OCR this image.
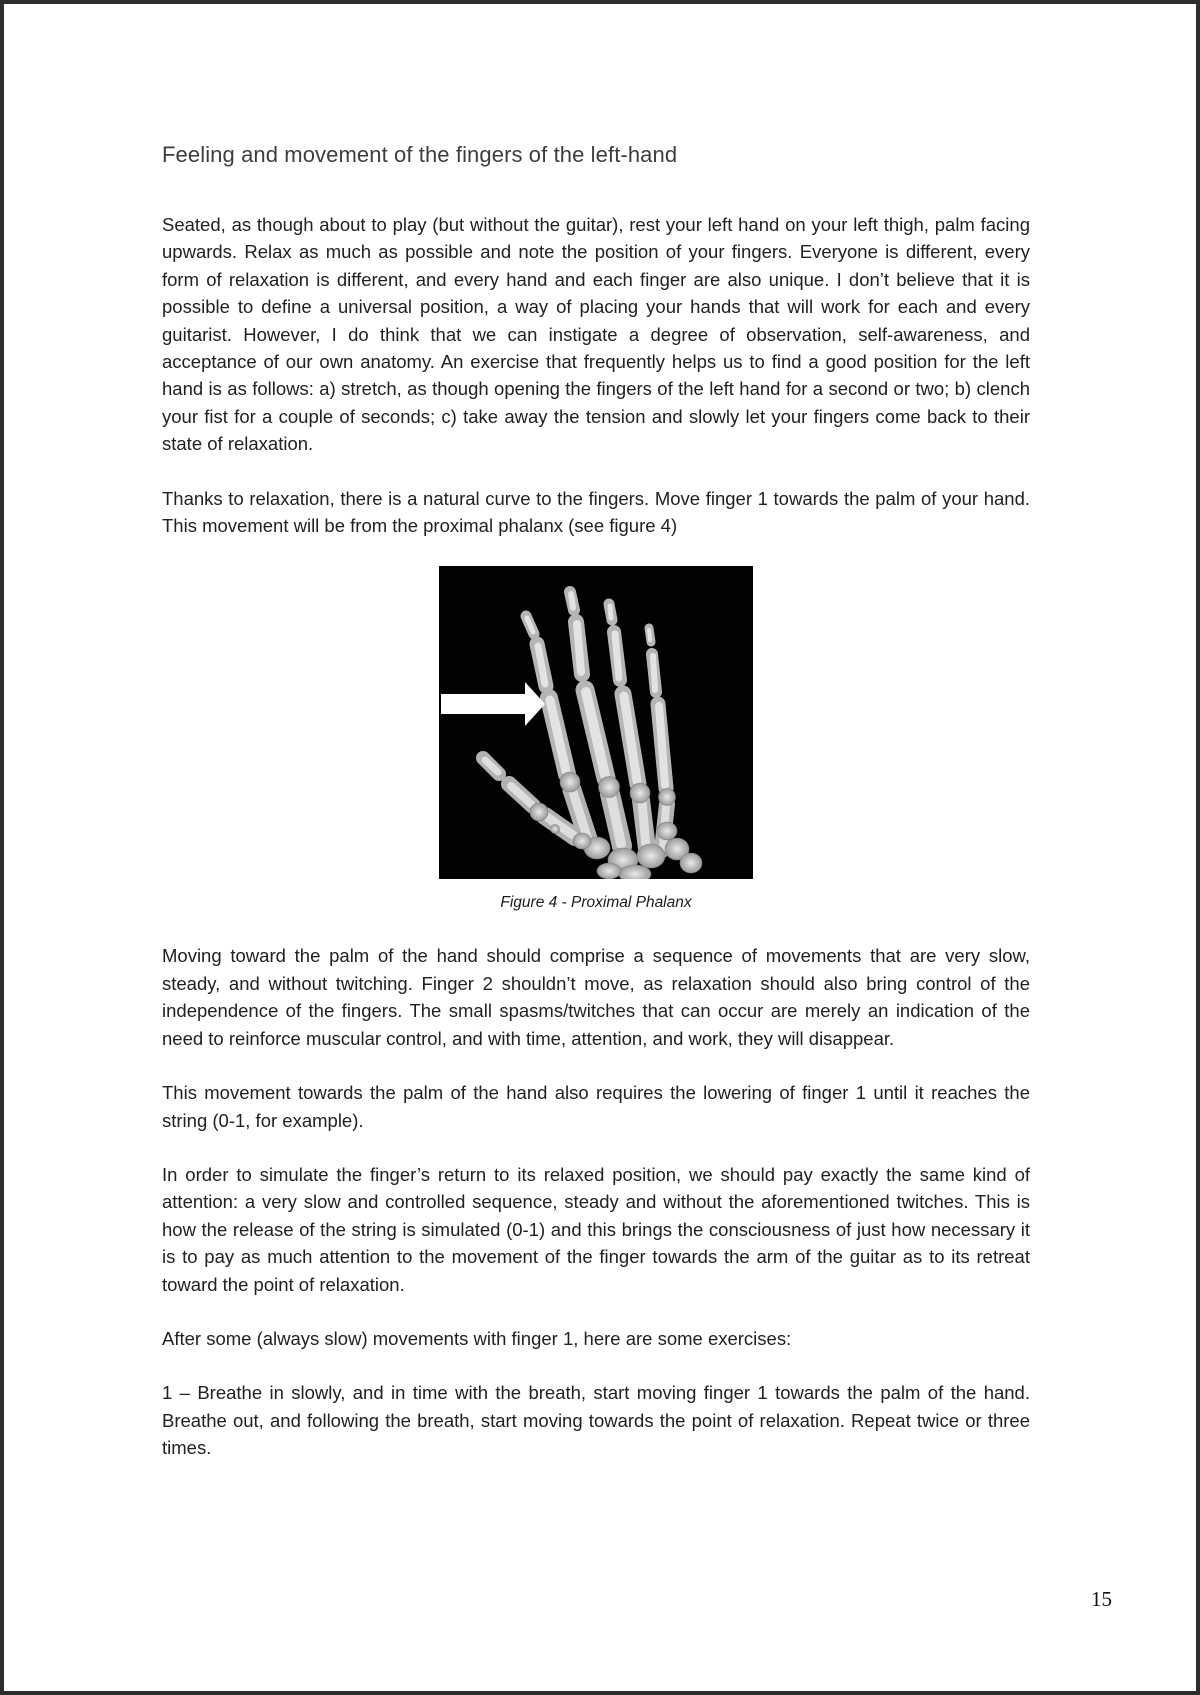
Feeling and movement of the fingers of the left-hand

Seated, as though about to play (but without the guitar), rest your left hand on your left thigh, palm facing upwards. Relax as much as possible and note the position of your fingers. Everyone is different, every form of relaxation is different, and every hand and each finger are also unique. I don’t believe that it is possible to define a universal position, a way of placing your hands that will work for each and every guitarist. However, I do think that we can instigate a degree of observation, self-awareness, and acceptance of our own anatomy. An exercise that frequently helps us to find a good position for the left hand is as follows: a) stretch, as though opening the fingers of the left hand for a second or two; b) clench your fist for a couple of seconds; c) take away the tension and slowly let your fingers come back to their state of relaxation.

Thanks to relaxation, there is a natural curve to the fingers. Move finger 1 towards the palm of your hand. This movement will be from the proximal phalanx (see figure 4)

Figure 4 - Proximal Phalanx

Moving toward the palm of the hand should comprise a sequence of movements that are very slow, steady, and without twitching. Finger 2 shouldn’t move, as relaxation should also bring control of the independence of the fingers. The small spasms/twitches that can occur are merely an indication of the need to reinforce muscular control, and with time, attention, and work, they will disappear.

This movement towards the palm of the hand also requires the lowering of finger 1 until it reaches the string (0-1, for example).

In order to simulate the finger’s return to its relaxed position, we should pay exactly the same kind of attention: a very slow and controlled sequence, steady and without the aforementioned twitches. This is how the release of the string is simulated (0-1) and this brings the consciousness of just how necessary it is to pay as much attention to the movement of the finger towards the arm of the guitar as to its retreat toward the point of relaxation.

After some (always slow) movements with finger 1, here are some exercises:

1 – Breathe in slowly, and in time with the breath, start moving finger 1 towards the palm of the hand. Breathe out, and following the breath, start moving towards the point of relaxation. Repeat twice or three times.

15
